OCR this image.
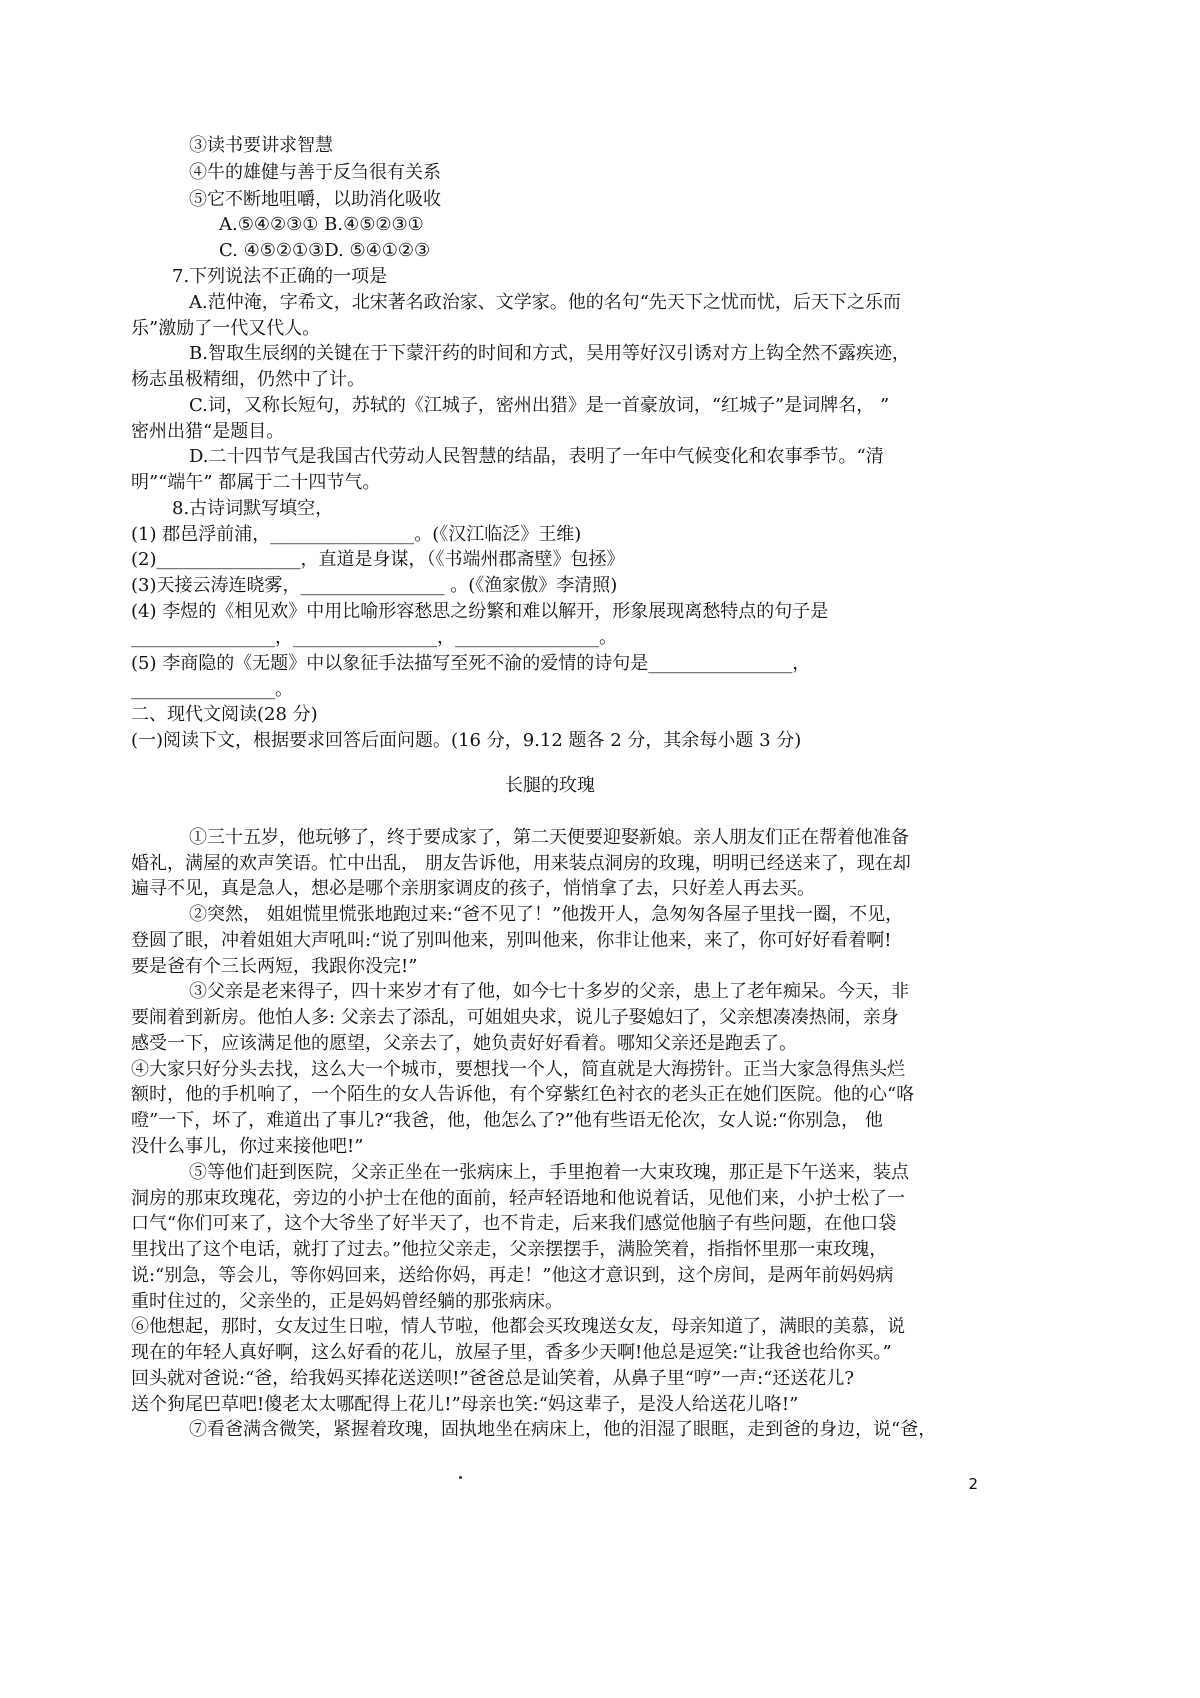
③读书要讲求智慧
④牛的雄健与善于反刍很有关系
⑤它不断地咀嚼，以助消化吸收
A.⑤④②③① B.④⑤②③①
C. ④⑤②①③D. ⑤④①②③
7.下列说法不正确的一项是
A.范仲淹，字希文，北宋著名政治家、文学家。他的名句“先天下之忧而忧，后天下之乐而
乐”激励了一代又代人。
B.智取生辰纲的关键在于下蒙汗药的时间和方式，吴用等好汉引诱对方上钩全然不露疾迹，
杨志虽极精细，仍然中了计。
C.词，又称长短句，苏轼的《江城子，密州出猎》是一首豪放词，“红城子”是词牌名， ”
密州出猎“是题目。
D.二十四节气是我国古代劳动人民智慧的结晶，表明了一年中气候变化和农事季节。“清
明”“端午” 都属于二十四节气。
8.古诗词默写填空，
(1) 郡邑浮前浦，________________。(《汉江临泛》王维)
(2)________________，直道是身谋，（《书端州郡斋壁》包拯》
(3)天接云涛连晓雾，________________ 。(《渔家傲》李清照)
(4) 李煜的《相见欢》中用比喻形容愁思之纷繁和难以解开，形象展现离愁特点的句子是
________________，________________，________________。
(5) 李商隐的《无题》中以象征手法描写至死不渝的爱情的诗句是________________，
________________。
二、现代文阅读(28 分)
(一)阅读下文，根据要求回答后面问题。(16 分，9.12 题各 2 分，其余每小题 3 分)
长腿的玫瑰
①三十五岁，他玩够了，终于要成家了，第二天便要迎娶新娘。亲人朋友们正在帮着他准备
婚礼，满屋的欢声笑语。忙中出乱， 朋友告诉他，用来装点洞房的玫瑰，明明已经送来了，现在却
遍寻不见，真是急人，想必是哪个亲朋家调皮的孩子，悄悄拿了去，只好差人再去买。
②突然， 姐姐慌里慌张地跑过来:“爸不见了！”他拨开人，急匆匆各屋子里找一圈，不见，
登圆了眼，冲着姐姐大声吼叫:“说了别叫他来，别叫他来，你非让他来，来了，你可好好看着啊!
要是爸有个三长两短，我跟你没完!”
③父亲是老来得子，四十来岁才有了他，如今七十多岁的父亲，患上了老年痴呆。今天，非
要闹着到新房。他怕人多: 父亲去了添乱，可姐姐央求，说儿子娶媳妇了，父亲想凑凑热闹，亲身
感受一下，应该满足他的愿望，父亲去了，她负责好好看着。哪知父亲还是跑丢了。
④大家只好分头去找，这么大一个城市，要想找一个人，简直就是大海捞针。正当大家急得焦头烂
额时，他的手机响了，一个陌生的女人告诉他，有个穿紫红色衬衣的老头正在她们医院。他的心“咯
噔”一下，坏了，难道出了事儿?“我爸，他，他怎么了?”他有些语无伦次，女人说:“你别急， 他
没什么事儿，你过来接他吧!”
⑤等他们赶到医院，父亲正坐在一张病床上，手里抱着一大束玫瑰，那正是下午送来，装点
洞房的那束玫瑰花，旁边的小护士在他的面前，轻声轻语地和他说着话，见他们来，小护士松了一
口气“你们可来了，这个大爷坐了好半天了，也不肯走，后来我们感觉他脑子有些问题，在他口袋
里找出了这个电话，就打了过去。”他拉父亲走，父亲摆摆手，满脸笑着，指指怀里那一束玫瑰，
说:“别急，等会儿，等你妈回来，送给你妈，再走！”他这才意识到，这个房间，是两年前妈妈病
重时住过的，父亲坐的，正是妈妈曾经躺的那张病床。
⑥他想起，那时，女友过生日啦，情人节啦，他都会买玫瑰送女友，母亲知道了，满眼的美慕，说
现在的年轻人真好啊，这么好看的花儿，放屋子里，香多少天啊!他总是逗笑:“让我爸也给你买。”
回头就对爸说:“爸，给我妈买捧花送送呗!”爸爸总是讪笑着，从鼻子里“哼”一声:“还送花儿?
送个狗尾巴草吧!傻老太太哪配得上花儿!”母亲也笑:“妈这辈子，是没人给送花儿咯!”
⑦看爸满含微笑，紧握着玫瑰，固执地坐在病床上，他的泪湿了眼眶，走到爸的身边，说“爸，
2
